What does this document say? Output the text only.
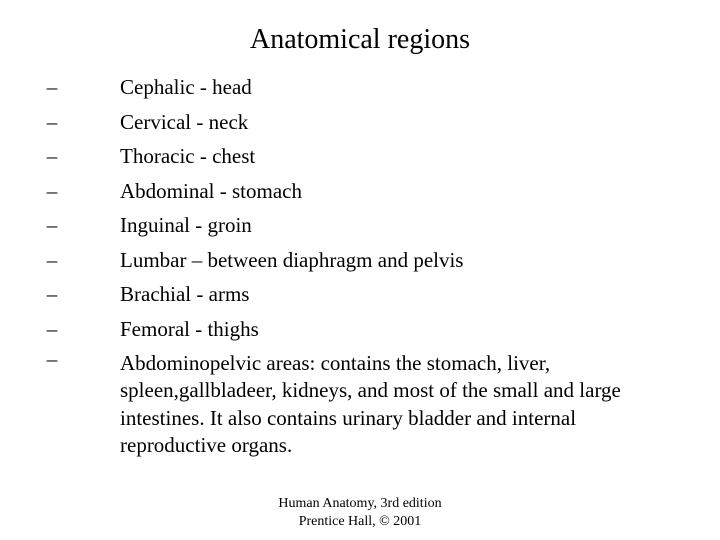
Anatomical regions
–	Cephalic - head
–	Cervical - neck
–	Thoracic - chest
–	Abdominal - stomach
–	Inguinal - groin
–	Lumbar – between diaphragm and pelvis
–	Brachial - arms
–	Femoral - thighs
–	Abdominopelvic areas: contains the stomach, liver, spleen,gallbladeer, kidneys, and most of the small and large intestines. It also contains urinary bladder and internal reproductive organs.
Human Anatomy, 3rd edition
Prentice Hall, © 2001
